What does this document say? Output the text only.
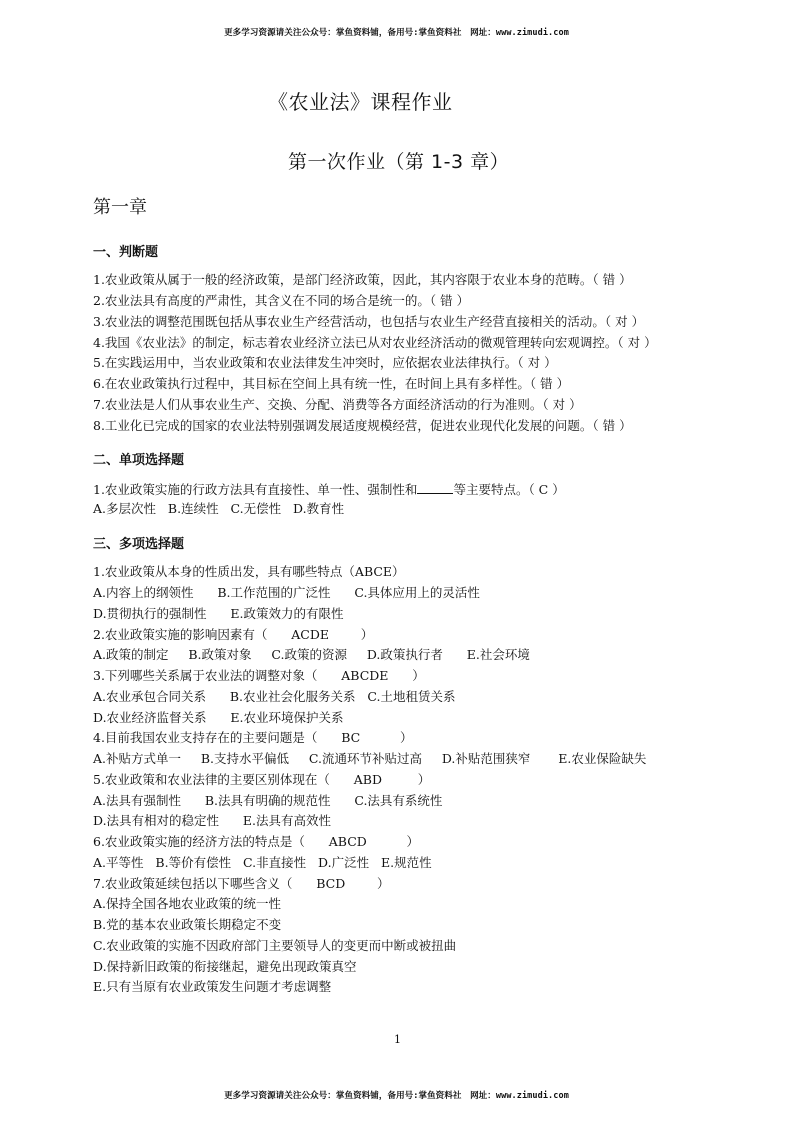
更多学习资源请关注公众号：掌鱼资料铺，备用号:掌鱼资料社　网址：www.zimudi.com
《农业法》课程作业
第一次作业（第 1-3 章）
第一章
一、判断题
1.农业政策从属于一般的经济政策，是部门经济政策，因此，其内容限于农业本身的范畴。（ 错 ）
2.农业法具有高度的严肃性，其含义在不同的场合是统一的。（ 错 ）
3.农业法的调整范围既包括从事农业生产经营活动，也包括与农业生产经营直接相关的活动。（ 对 ）
4.我国《农业法》的制定，标志着农业经济立法已从对农业经济活动的微观管理转向宏观调控。（ 对 ）
5.在实践运用中，当农业政策和农业法律发生冲突时，应依据农业法律执行。（ 对 ）
6.在农业政策执行过程中，其目标在空间上具有统一性，在时间上具有多样性。（ 错 ）
7.农业法是人们从事农业生产、交换、分配、消费等各方面经济活动的行为准则。（ 对 ）
8.工业化已完成的国家的农业法特别强调发展适度规模经营，促进农业现代化发展的问题。（ 错 ）
二、单项选择题
1.农业政策实施的行政方法具有直接性、单一性、强制性和	等主要特点。（ C ）
A.多层次性   B.连续性   C.无偿性   D.教育性
三、多项选择题
1.农业政策从本身的性质出发，具有哪些特点（ABCE）
A.内容上的纲领性      B.工作范围的广泛性      C.具体应用上的灵活性
D.贯彻执行的强制性      E.政策效力的有限性
2.农业政策实施的影响因素有（      ACDE        ）
A.政策的制定     B.政策对象     C.政策的资源     D.政策执行者      E.社会环境
3.下列哪些关系属于农业法的调整对象（      ABCDE      ）
A.农业承包合同关系      B.农业社会化服务关系   C.土地租赁关系
D.农业经济监督关系      E.农业环境保护关系
4.目前我国农业支持存在的主要问题是（      BC          ）
A.补贴方式单一     B.支持水平偏低     C.流通环节补贴过高     D.补贴范围狭窄       E.农业保险缺失
5.农业政策和农业法律的主要区别体现在（      ABD         ）
A.法具有强制性      B.法具有明确的规范性      C.法具有系统性
D.法具有相对的稳定性      E.法具有高效性
6.农业政策实施的经济方法的特点是（      ABCD          ）
A.平等性   B.等价有偿性   C.非直接性   D.广泛性   E.规范性
7.农业政策延续包括以下哪些含义（      BCD        ）
A.保持全国各地农业政策的统一性
B.党的基本农业政策长期稳定不变
C.农业政策的实施不因政府部门主要领导人的变更而中断或被扭曲
D.保持新旧政策的衔接继起，避免出现政策真空
E.只有当原有农业政策发生问题才考虑调整
1
更多学习资源请关注公众号：掌鱼资料铺，备用号:掌鱼资料社　网址：www.zimudi.com
